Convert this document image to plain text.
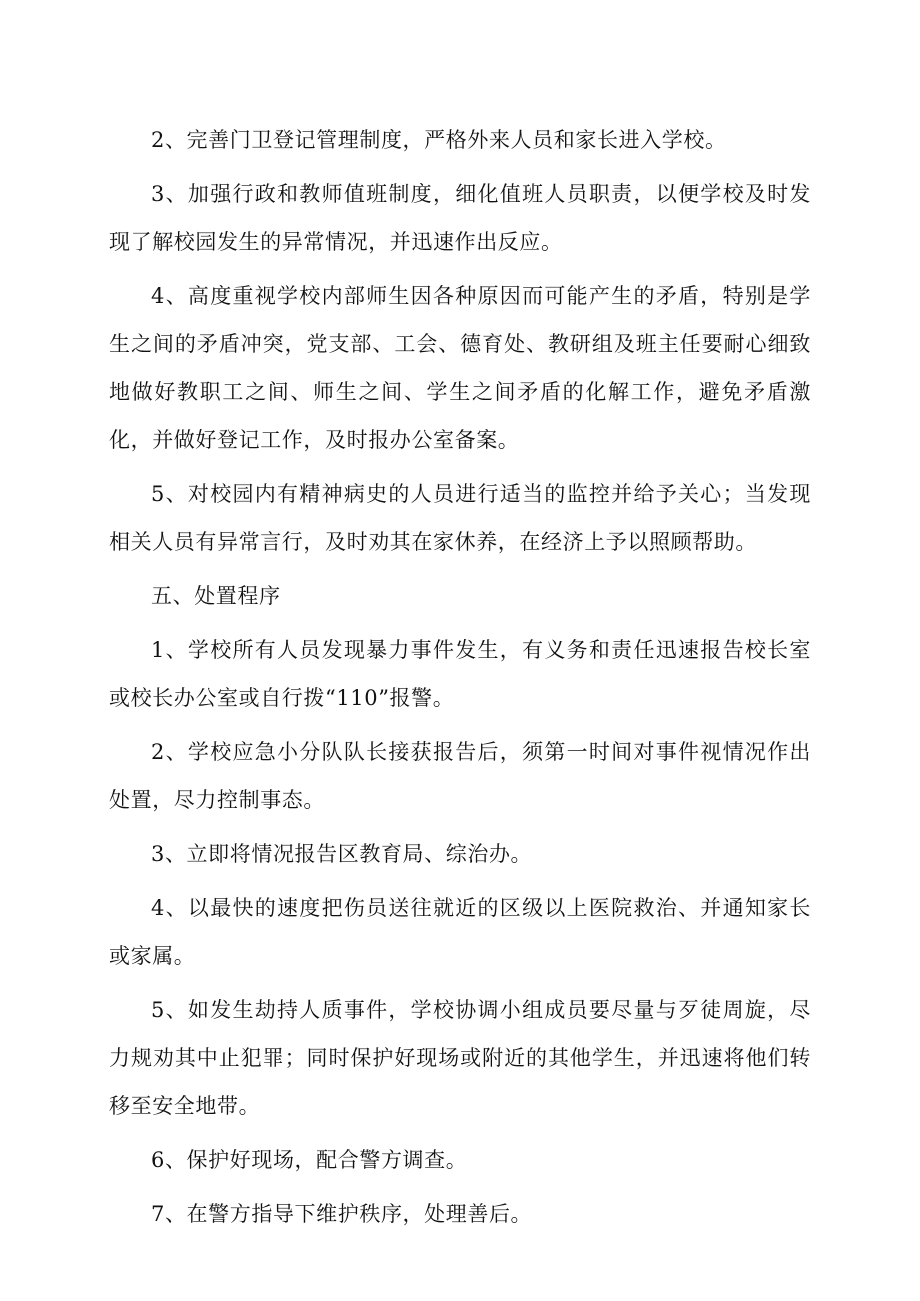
2、完善门卫登记管理制度，严格外来人员和家长进入学校。

3、加强行政和教师值班制度，细化值班人员职责，以便学校及时发现了解校园发生的异常情况，并迅速作出反应。

4、高度重视学校内部师生因各种原因而可能产生的矛盾，特别是学生之间的矛盾冲突，党支部、工会、德育处、教研组及班主任要耐心细致地做好教职工之间、师生之间、学生之间矛盾的化解工作，避免矛盾激化，并做好登记工作，及时报办公室备案。

5、对校园内有精神病史的人员进行适当的监控并给予关心；当发现相关人员有异常言行，及时劝其在家休养，在经济上予以照顾帮助。

五、处置程序

1、学校所有人员发现暴力事件发生，有义务和责任迅速报告校长室或校长办公室或自行拨“110”报警。

2、学校应急小分队队长接获报告后，须第一时间对事件视情况作出处置，尽力控制事态。

3、立即将情况报告区教育局、综治办。

4、以最快的速度把伤员送往就近的区级以上医院救治、并通知家长或家属。

5、如发生劫持人质事件，学校协调小组成员要尽量与歹徒周旋，尽力规劝其中止犯罪；同时保护好现场或附近的其他学生，并迅速将他们转移至安全地带。

6、保护好现场，配合警方调查。

7、在警方指导下维护秩序，处理善后。
